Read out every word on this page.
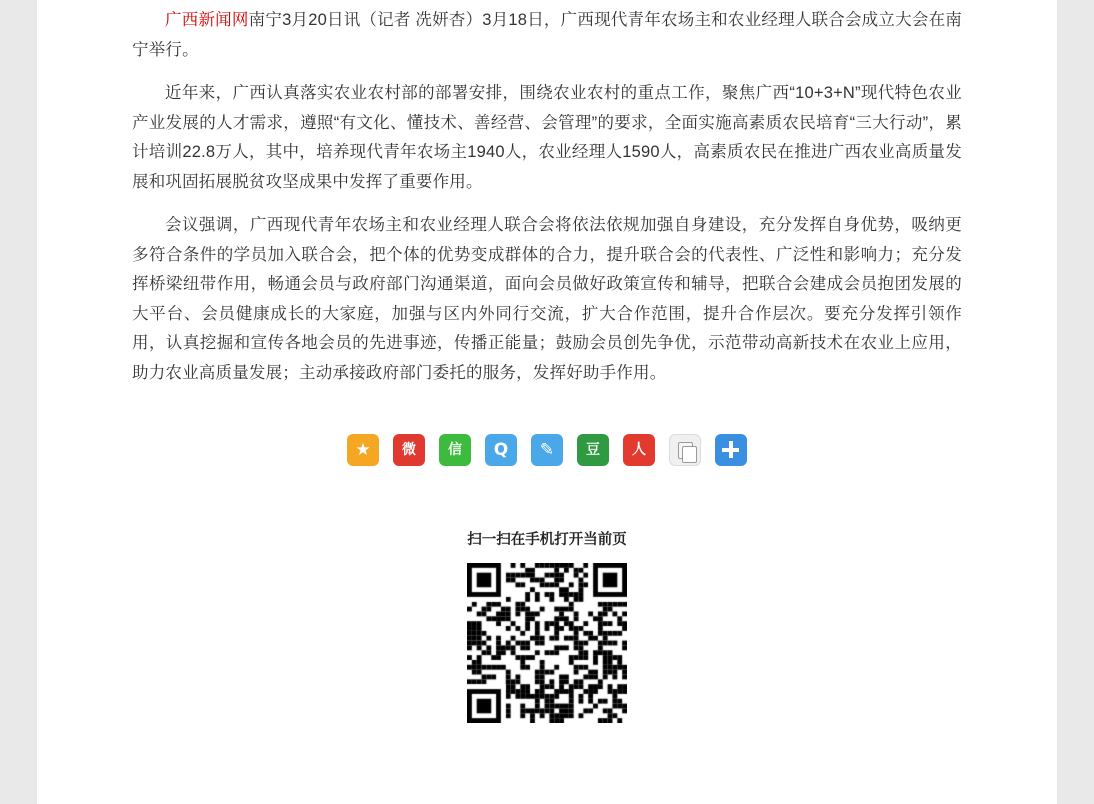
广西新闻网南宁3月20日讯（记者 冼妍杏）3月18日，广西现代青年农场主和农业经理人联合会成立大会在南宁举行。

近年来，广西认真落实农业农村部的部署安排，围绕农业农村的重点工作，聚焦广西“10+3+N”现代特色农业产业发展的人才需求，遵照“有文化、懂技术、善经营、会管理”的要求，全面实施高素质农民培育“三大行动”，累计培训22.8万人，其中，培养现代青年农场主1940人，农业经理人1590人，高素质农民在推进广西农业高质量发展和巩固拓展脱贫攻坚成果中发挥了重要作用。

会议强调，广西现代青年农场主和农业经理人联合会将依法依规加强自身建设，充分发挥自身优势，吸纳更多符合条件的学员加入联合会，把个体的优势变成群体的合力，提升联合会的代表性、广泛性和影响力；充分发挥桥梁纽带作用，畅通会员与政府部门沟通渠道，面向会员做好政策宣传和辅导，把联合会建成会员抱团发展的大平台、会员健康成长的大家庭，加强与区内外同行交流，扩大合作范围，提升合作层次。要充分发挥引领作用，认真挖掘和宣传各地会员的先进事迹，传播正能量；鼓励会员创先争优，示范带动高新技术在农业上应用，助力农业高质量发展；主动承接政府部门委托的服务，发挥好助手作用。

★ 微 信 Q ✎ 豆 人
扫一扫在手机打开当前页
